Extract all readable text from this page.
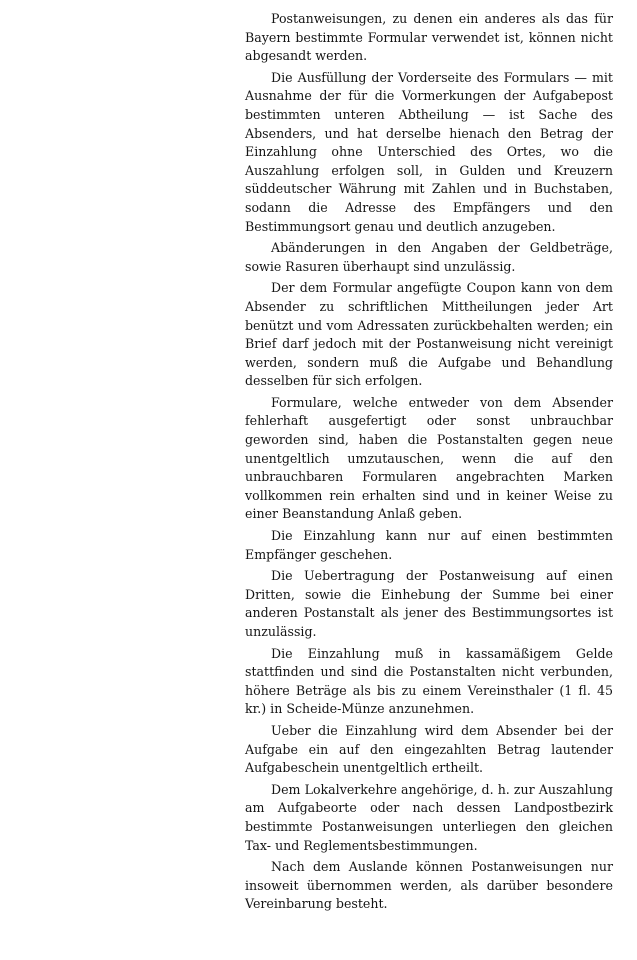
Postanweisungen, zu denen ein anderes als das für Bayern bestimmte Formular verwendet ist, können nicht abgesandt werden.

Die Ausfüllung der Vorderseite des Formulars — mit Ausnahme der für die Vormerkungen der Aufgabepost bestimmten unteren Abtheilung — ist Sache des Absenders, und hat derselbe hienach den Betrag der Einzahlung ohne Unterschied des Ortes, wo die Auszahlung erfolgen soll, in Gulden und Kreuzern süddeutscher Währung mit Zahlen und in Buchstaben, sodann die Adresse des Empfängers und den Bestimmungsort genau und deutlich anzugeben.

Abänderungen in den Angaben der Geldbeträge, sowie Rasuren überhaupt sind unzulässig.

Der dem Formular angefügte Coupon kann von dem Absender zu schriftlichen Mittheilungen jeder Art benützt und vom Adressaten zurückbehalten werden; ein Brief darf jedoch mit der Postanweisung nicht vereinigt werden, sondern muß die Aufgabe und Behandlung desselben für sich erfolgen.

Formulare, welche entweder von dem Absender fehlerhaft ausgefertigt oder sonst unbrauchbar geworden sind, haben die Postanstalten gegen neue unentgeltlich umzutauschen, wenn die auf den unbrauchbaren Formularen angebrachten Marken vollkommen rein erhalten sind und in keiner Weise zu einer Beanstandung Anlaß geben.

Die Einzahlung kann nur auf einen bestimmten Empfänger geschehen.

Die Uebertragung der Postanweisung auf einen Dritten, sowie die Einhebung der Summe bei einer anderen Postanstalt als jener des Bestimmungsortes ist unzulässig.

Die Einzahlung muß in kassamäßigem Gelde stattfinden und sind die Postanstalten nicht verbunden, höhere Beträge als bis zu einem Vereinsthaler (1 fl. 45 kr.) in Scheide-Münze anzunehmen.

Ueber die Einzahlung wird dem Absender bei der Aufgabe ein auf den eingezahlten Betrag lautender Aufgabeschein unentgeltlich ertheilt.

Dem Lokalverkehre angehörige, d. h. zur Auszahlung am Aufgabeorte oder nach dessen Landpostbezirk bestimmte Postanweisungen unterliegen den gleichen Tax- und Reglementsbestimmungen.

Nach dem Auslande können Postanweisungen nur insoweit übernommen werden, als darüber besondere Vereinbarung besteht.
